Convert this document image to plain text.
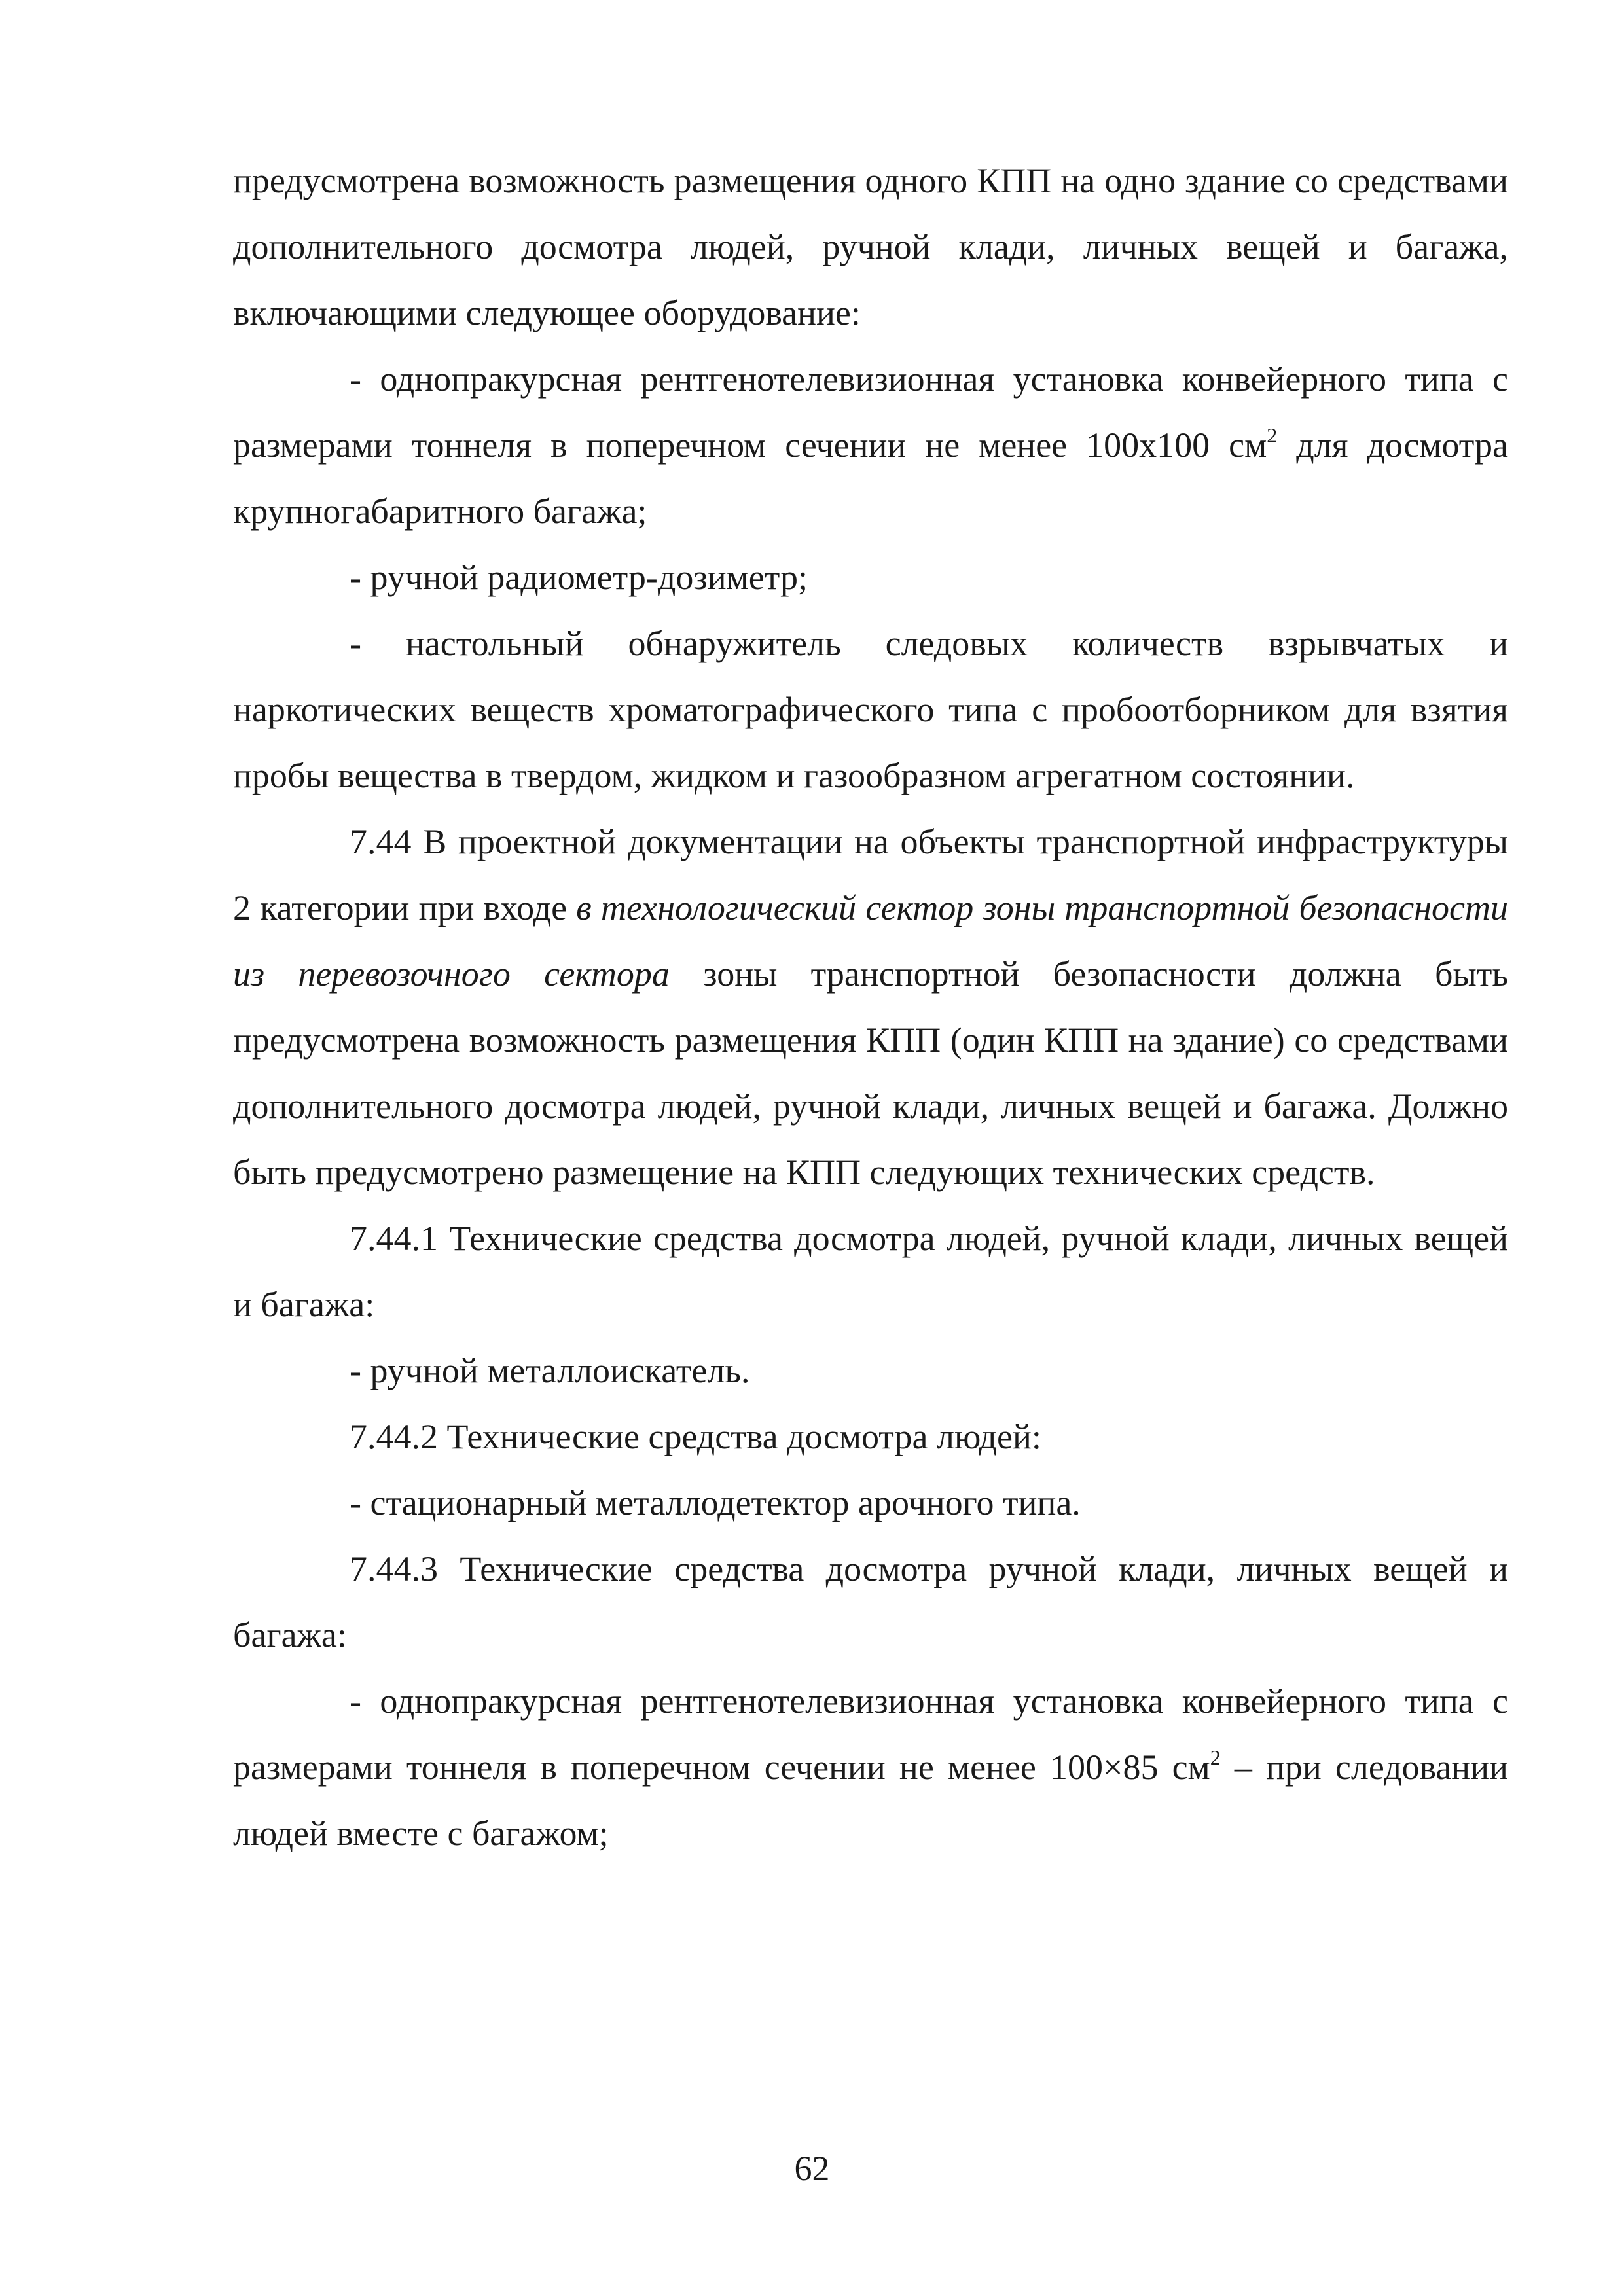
предусмотрена возможность размещения одного КПП на одно здание со средствами дополнительного досмотра людей, ручной клади, личных вещей и багажа, включающими следующее оборудование:

- однопракурсная рентгенотелевизионная установка конвейерного типа с размерами тоннеля в поперечном сечении не менее 100х100 $см^2$ для досмотра крупногабаритного багажа;

- ручной радиометр-дозиметр;

- настольный обнаружитель следовых количеств взрывчатых и наркотических веществ хроматографического типа с пробоотборником для взятия пробы вещества в твердом, жидком и газообразном агрегатном состоянии.

7.44 В проектной документации на объекты транспортной инфраструктуры 2 категории при входе в технологический сектор зоны транспортной безопасности из перевозочного сектора зоны транспортной безопасности должна быть предусмотрена возможность размещения КПП (один КПП на здание) со средствами дополнительного досмотра людей, ручной клади, личных вещей и багажа. Должно быть предусмотрено размещение на КПП следующих технических средств.

7.44.1 Технические средства досмотра людей, ручной клади, личных вещей и багажа:

- ручной металлоискатель.

7.44.2 Технические средства досмотра людей:

- стационарный металлодетектор арочного типа.

7.44.3 Технические средства досмотра ручной клади, личных вещей и багажа:

- однопракурсная рентгенотелевизионная установка конвейерного типа с размерами тоннеля в поперечном сечении не менее 100×85 $см^2$ – при следовании людей вместе с багажом;

62
